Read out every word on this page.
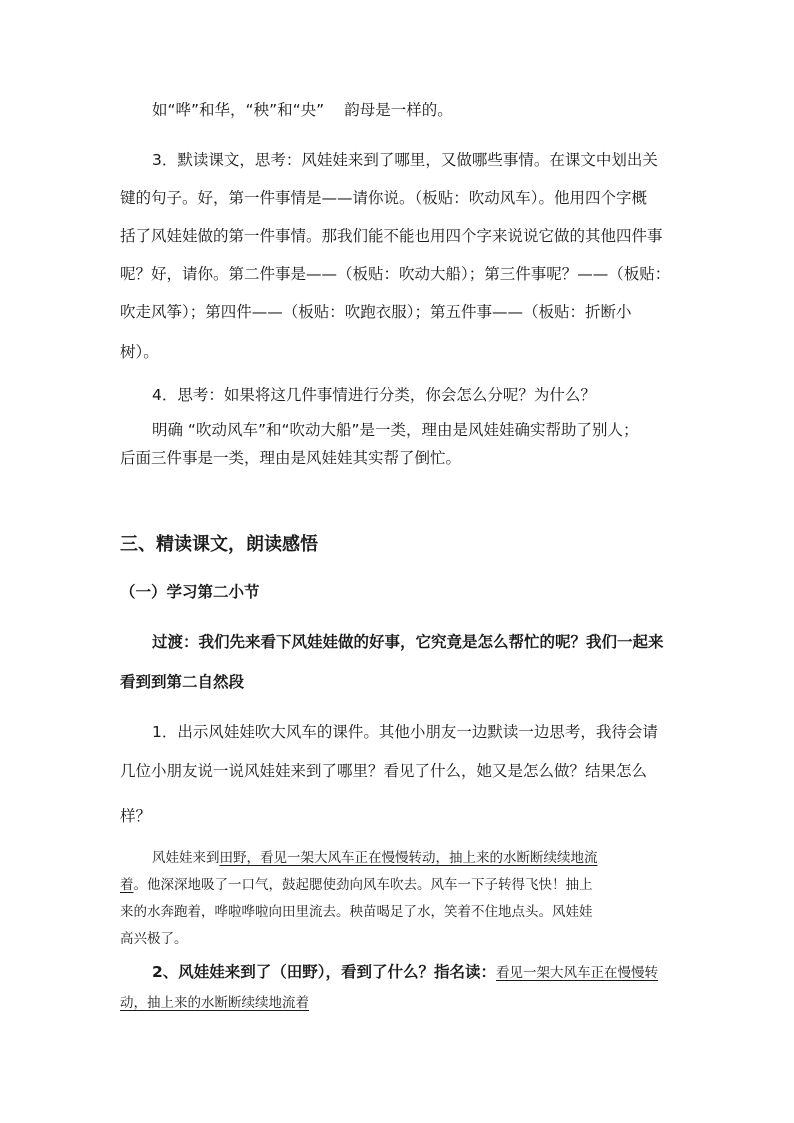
如“哗”和华，“秧”和“央” 韵母是一样的。
3．默读课文，思考：风娃娃来到了哪里，又做哪些事情。在课文中划出关
键的句子。好，第一件事情是——请你说。（板贴：吹动风车）。他用四个字概
括了风娃娃做的第一件事情。那我们能不能也用四个字来说说它做的其他四件事
呢？好，请你。第二件事是——（板贴：吹动大船）；第三件事呢？——（板贴：
吹走风筝）；第四件——（板贴：吹跑衣服）；第五件事——（板贴：折断小
树）。
4．思考：如果将这几件事情进行分类，你会怎么分呢？为什么？
明确 “吹动风车”和“吹动大船”是一类，理由是风娃娃确实帮助了别人；
后面三件事是一类，理由是风娃娃其实帮了倒忙。
三、精读课文，朗读感悟
（一）学习第二小节
过渡：我们先来看下风娃娃做的好事，它究竟是怎么帮忙的呢？我们一起来
看到到第二自然段
1．出示风娃娃吹大风车的课件。其他小朋友一边默读一边思考，我待会请
几位小朋友说一说风娃娃来到了哪里？看见了什么，她又是怎么做？结果怎么
样？
风娃娃来到田野，看见一架大风车正在慢慢转动，抽上来的水断断续续地流
着。他深深地吸了一口气，鼓起腮使劲向风车吹去。风车一下子转得飞快！抽上
来的水奔跑着，哗啦哗啦向田里流去。秧苗喝足了水，笑着不住地点头。风娃娃
高兴极了。
2、风娃娃来到了（田野），看到了什么？指名读：看见一架大风车正在慢慢转
动，抽上来的水断断续续地流着
